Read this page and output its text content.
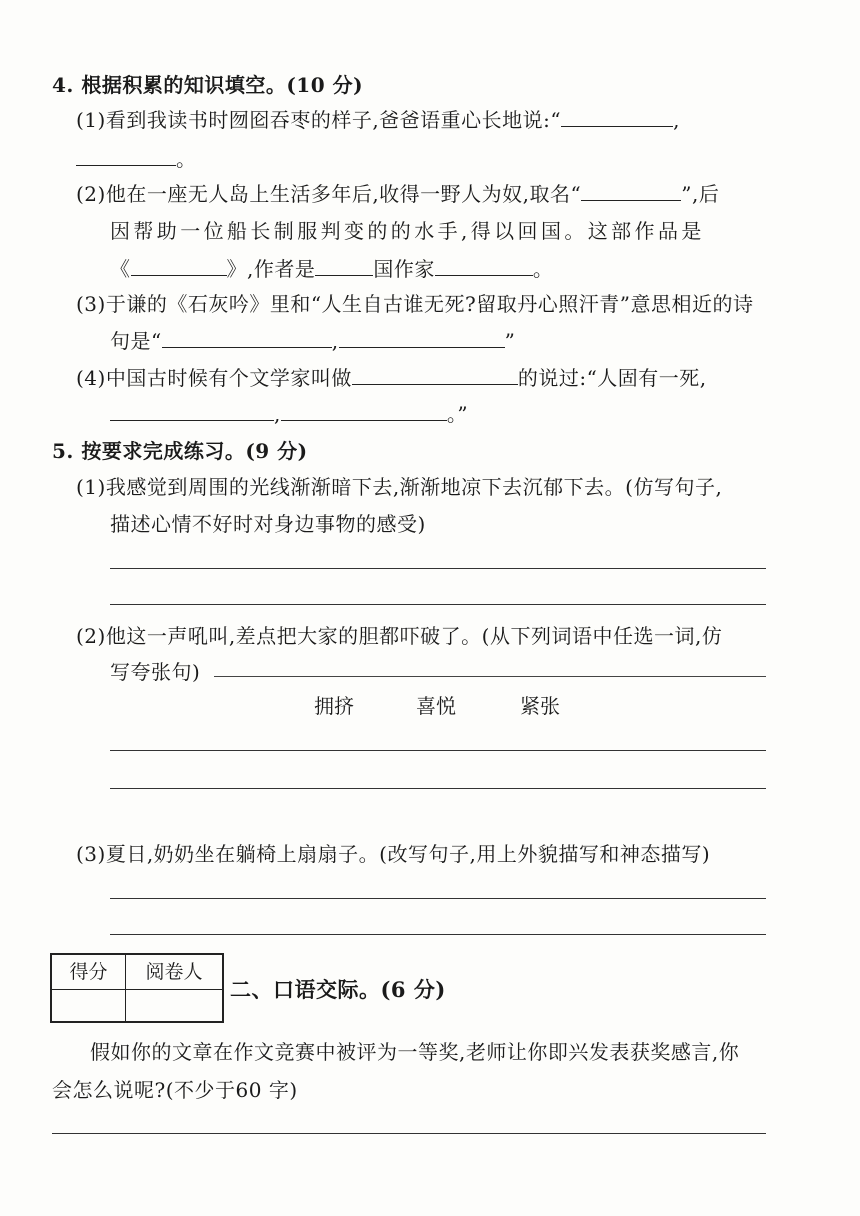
4. 根据积累的知识填空。(10 分)
(1)看到我读书时囫囵吞枣的样子,爸爸语重心长地说:“	,
。
(2)他在一座无人岛上生活多年后,收得一野人为奴,取名“	”,后
因帮助一位船长制服判变的的水手,得以回国。这部作品是
《	》,作者是	国作家	。
(3)于谦的《石灰吟》里和“人生自古谁无死?留取丹心照汗青”意思相近的诗
句是“	,	”
(4)中国古时候有个文学家叫做	的说过:“人固有一死,
,	。”
5. 按要求完成练习。(9 分)
(1)我感觉到周围的光线渐渐暗下去,渐渐地凉下去沉郁下去。(仿写句子,
描述心情不好时对身边事物的感受)
(2)他这一声吼叫,差点把大家的胆都吓破了。(从下列词语中任选一词,仿
写夸张句)
拥挤	喜悦	紧张
(3)夏日,奶奶坐在躺椅上扇扇子。(改写句子,用上外貌描写和神态描写)
得分	阅卷人
二、口语交际。(6 分)
假如你的文章在作文竞赛中被评为一等奖,老师让你即兴发表获奖感言,你
会怎么说呢?(不少于60 字)
